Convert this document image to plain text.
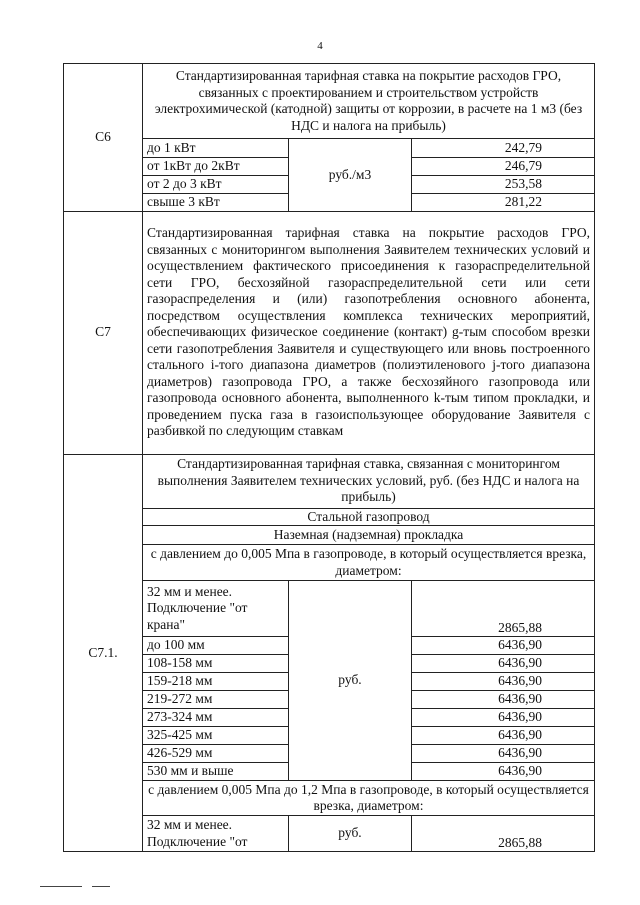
4
С6	Стандартизированная тарифная ставка на покрытие расходов ГРО, связанных с проектированием и строительством устройств электрохимической (катодной) защиты от коррозии, в расчете на 1 м3 (без НДС и налога на прибыль)		
	до 1 кВт	руб./м3	242,79
	от 1кВт до 2кВт		246,79
	от 2 до 3 кВт		253,58
	свыше 3 кВт		281,22
С7	Стандартизированная тарифная ставка на покрытие расходов ГРО, связанных с мониторингом выполнения Заявителем технических условий и осуществлением фактического присоединения к газораспределительной сети ГРО, бесхозяйной газораспределительной сети или сети газораспределения и (или) газопотребления основного абонента, посредством осуществления комплекса технических мероприятий, обеспечивающих физическое соединение (контакт) g-тым способом врезки сети газопотребления Заявителя и существующего или вновь построенного стального i-того диапазона диаметров (полиэтиленового j-того диапазона диаметров) газопровода ГРО, а также бесхозяйного газопровода или газопровода основного абонента, выполненного k-тым типом прокладки, и проведением пуска газа в газоиспользующее оборудование Заявителя с разбивкой по следующим ставкам		
С7.1.	Стандартизированная тарифная ставка, связанная с мониторингом выполнения Заявителем технических условий, руб. (без НДС и налога на прибыль)		
	Стальной газопровод		
	Наземная (надземная) прокладка		
	с давлением до 0,005 Мпа в газопроводе, в который осуществляется врезка, диаметром:		
	32 мм и менее. Подключение "от крана"	руб.	2865,88
	до 100 мм		6436,90
	108-158 мм		6436,90
	159-218 мм		6436,90
	219-272 мм		6436,90
	273-324 мм		6436,90
	325-425 мм		6436,90
	426-529 мм		6436,90
	530 мм и выше		6436,90
	с давлением 0,005 Мпа до 1,2 Мпа в газопроводе, в который осуществляется врезка, диаметром:		
	32 мм и менее. Подключение "от	руб.	2865,88
